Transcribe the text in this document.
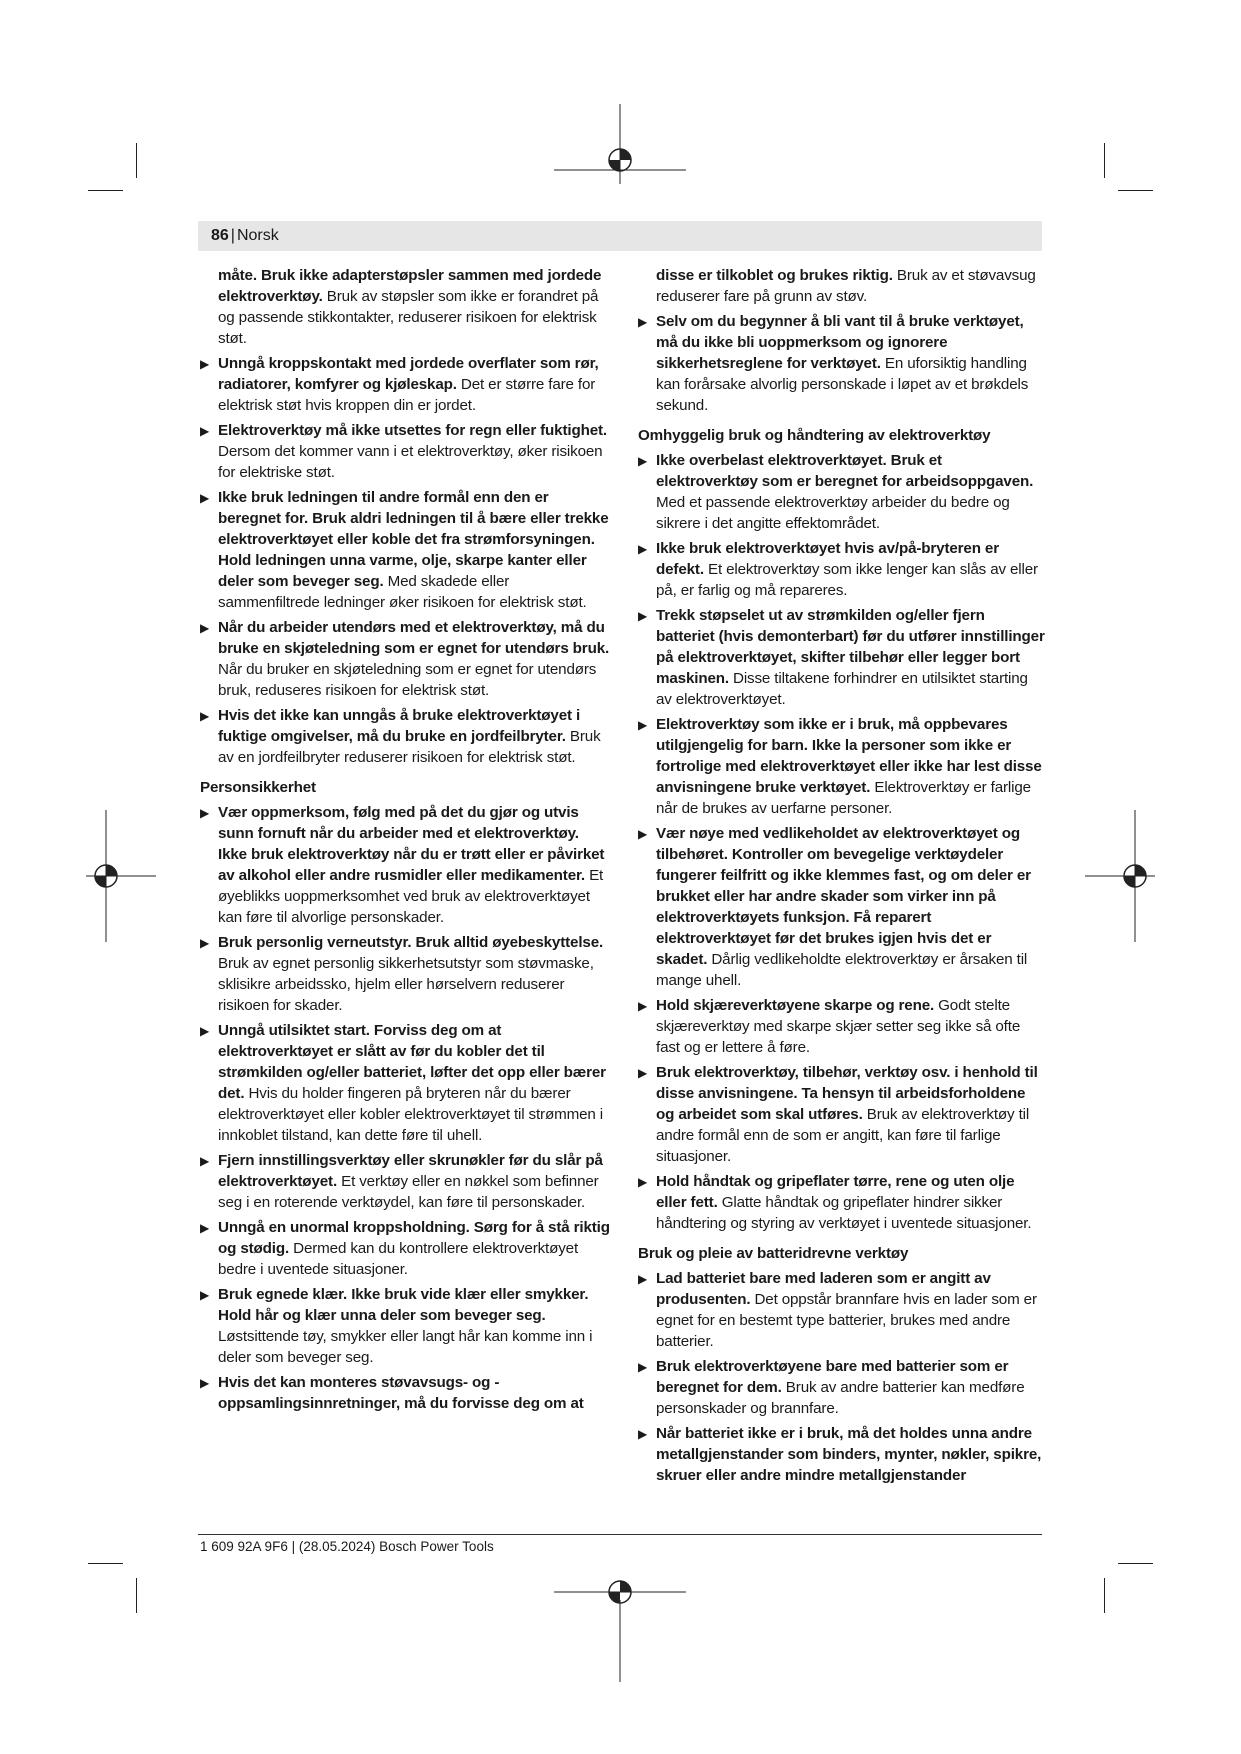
86 | Norsk
måte. Bruk ikke adapterstøpsler sammen med jordede elektroverktøy. Bruk av støpsler som ikke er forandret på og passende stikkontakter, reduserer risikoen for elektrisk støt.
▶ Unngå kroppskontakt med jordede overflater som rør, radiatorer, komfyrer og kjøleskap. Det er større fare for elektrisk støt hvis kroppen din er jordet.
▶ Elektroverktøy må ikke utsettes for regn eller fuktighet. Dersom det kommer vann i et elektroverktøy, øker risikoen for elektriske støt.
▶ Ikke bruk ledningen til andre formål enn den er beregnet for. Bruk aldri ledningen til å bære eller trekke elektroverktøyet eller koble det fra strømforsyningen. Hold ledningen unna varme, olje, skarpe kanter eller deler som beveger seg. Med skadede eller sammenfiltrede ledninger øker risikoen for elektrisk støt.
▶ Når du arbeider utendørs med et elektroverktøy, må du bruke en skjøteledning som er egnet for utendørs bruk. Når du bruker en skjøteledning som er egnet for utendørs bruk, reduseres risikoen for elektrisk støt.
▶ Hvis det ikke kan unngås å bruke elektroverktøyet i fuktige omgivelser, må du bruke en jordfeilbryter. Bruk av en jordfeilbryter reduserer risikoen for elektrisk støt.
Personsikkerhet
▶ Vær oppmerksom, følg med på det du gjør og utvis sunn fornuft når du arbeider med et elektroverktøy. Ikke bruk elektroverktøy når du er trøtt eller er påvirket av alkohol eller andre rusmidler eller medikamenter. Et øyeblikks uoppmerksomhet ved bruk av elektroverktøyet kan føre til alvorlige personskader.
▶ Bruk personlig verneutstyr. Bruk alltid øyebeskyttelse. Bruk av egnet personlig sikkerhetsutstyr som støvmaske, sklisikre arbeidssko, hjelm eller hørselvern reduserer risikoen for skader.
▶ Unngå utilsiktet start. Forviss deg om at elektroverktøyet er slått av før du kobler det til strømkilden og/eller batteriet, løfter det opp eller bærer det. Hvis du holder fingeren på bryteren når du bærer elektroverktøyet eller kobler elektroverktøyet til strømmen i innkoblet tilstand, kan dette føre til uhell.
▶ Fjern innstillingsverktøy eller skrunøkler før du slår på elektroverktøyet. Et verktøy eller en nøkkel som befinner seg i en roterende verktøydel, kan føre til personskader.
▶ Unngå en unormal kroppsholdning. Sørg for å stå riktig og stødig. Dermed kan du kontrollere elektroverktøyet bedre i uventede situasjoner.
▶ Bruk egnede klær. Ikke bruk vide klær eller smykker. Hold hår og klær unna deler som beveger seg. Løstsittende tøy, smykker eller langt hår kan komme inn i deler som beveger seg.
▶ Hvis det kan monteres støvavsugs- og -oppsamlingsinnretninger, må du forvisse deg om at
disse er tilkoblet og brukes riktig. Bruk av et støvavsug reduserer fare på grunn av støv.
▶ Selv om du begynner å bli vant til å bruke verktøyet, må du ikke bli uoppmerksom og ignorere sikkerhetsreglene for verktøyet. En uforsiktig handling kan forårsake alvorlig personskade i løpet av et brøkdels sekund.
Omhyggelig bruk og håndtering av elektroverktøy
▶ Ikke overbelast elektroverktøyet. Bruk et elektroverktøy som er beregnet for arbeidsoppgaven. Med et passende elektroverktøy arbeider du bedre og sikrere i det angitte effektområdet.
▶ Ikke bruk elektroverktøyet hvis av/på-bryteren er defekt. Et elektroverktøy som ikke lenger kan slås av eller på, er farlig og må repareres.
▶ Trekk støpselet ut av strømkilden og/eller fjern batteriet (hvis demonterbart) før du utfører innstillinger på elektroverktøyet, skifter tilbehør eller legger bort maskinen. Disse tiltakene forhindrer en utilsiktet starting av elektroverktøyet.
▶ Elektroverktøy som ikke er i bruk, må oppbevares utilgjengelig for barn. Ikke la personer som ikke er fortrolige med elektroverktøyet eller ikke har lest disse anvisningene bruke verktøyet. Elektroverktøy er farlige når de brukes av uerfarne personer.
▶ Vær nøye med vedlikeholdet av elektroverktøyet og tilbehøret. Kontroller om bevegelige verktøydeler fungerer feilfritt og ikke klemmes fast, og om deler er brukket eller har andre skader som virker inn på elektroverktøyets funksjon. Få reparert elektroverktøyet før det brukes igjen hvis det er skadet. Dårlig vedlikeholdte elektroverktøy er årsaken til mange uhell.
▶ Hold skjæreverktøyene skarpe og rene. Godt stelte skjæreverktøy med skarpe skjær setter seg ikke så ofte fast og er lettere å føre.
▶ Bruk elektroverktøy, tilbehør, verktøy osv. i henhold til disse anvisningene. Ta hensyn til arbeidsforholdene og arbeidet som skal utføres. Bruk av elektroverktøy til andre formål enn de som er angitt, kan føre til farlige situasjoner.
▶ Hold håndtak og gripeflater tørre, rene og uten olje eller fett. Glatte håndtak og gripeflater hindrer sikker håndtering og styring av verktøyet i uventede situasjoner.
Bruk og pleie av batteridrevne verktøy
▶ Lad batteriet bare med laderen som er angitt av produsenten. Det oppstår brannfare hvis en lader som er egnet for en bestemt type batterier, brukes med andre batterier.
▶ Bruk elektroverktøyene bare med batterier som er beregnet for dem. Bruk av andre batterier kan medføre personskader og brannfare.
▶ Når batteriet ikke er i bruk, må det holdes unna andre metallgjenstander som binders, mynter, nøkler, spikre, skruer eller andre mindre metallgjenstander
1 609 92A 9F6 | (28.05.2024) Bosch Power Tools
